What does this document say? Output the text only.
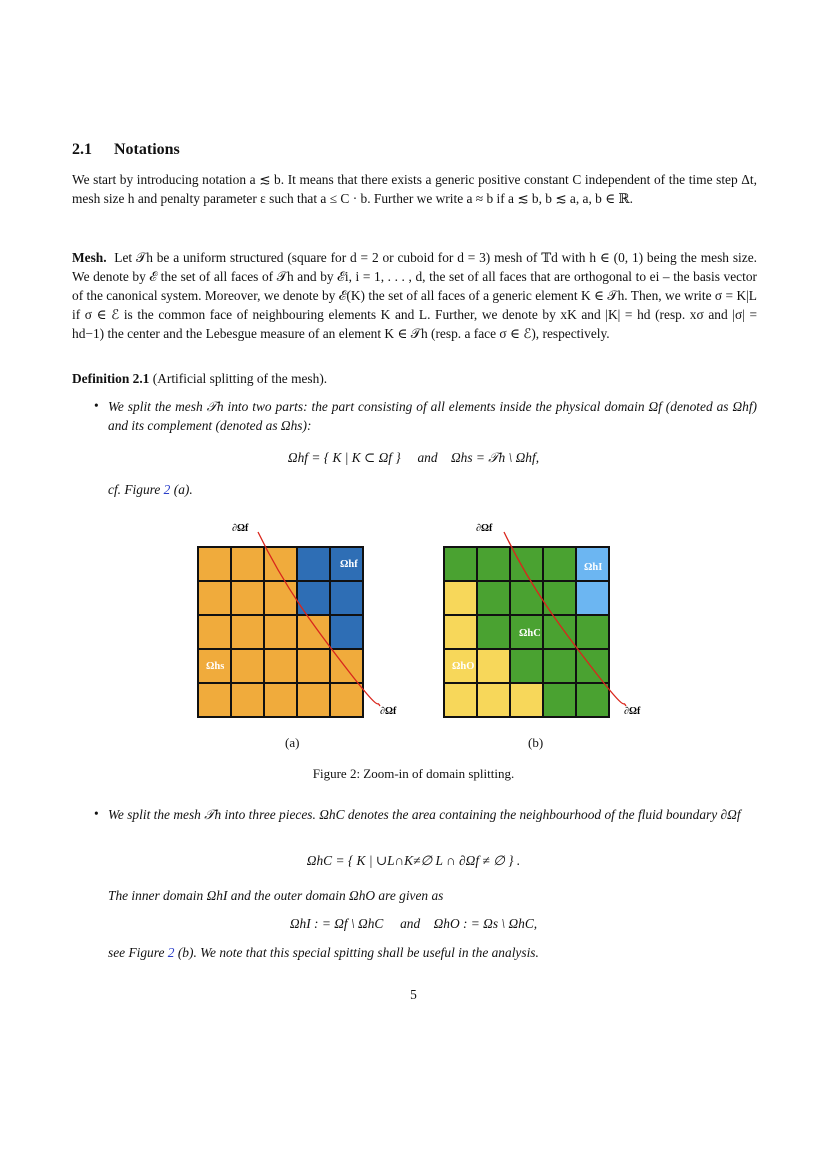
2.1 Notations

We start by introducing notation a ≲ b. It means that there exists a generic positive constant C independent of the time step Δt, mesh size h and penalty parameter ε such that a ≤ C · b. Further we write a ≈ b if a ≲ b, b ≲ a, a, b ∈ ℝ.

Mesh. Let 𝒯h be a uniform structured (square for d = 2 or cuboid for d = 3) mesh of 𝕋d with h ∈ (0, 1) being the mesh size. We denote by ℰ the set of all faces of 𝒯h and by ℰi, i = 1, . . . , d, the set of all faces that are orthogonal to ei – the basis vector of the canonical system. Moreover, we denote by ℰ(K) the set of all faces of a generic element K ∈ 𝒯h. Then, we write σ = K|L if σ ∈ ℰ is the common face of neighbouring elements K and L. Further, we denote by xK and |K| = hd (resp. xσ and |σ| = hd−1) the center and the Lebesgue measure of an element K ∈ 𝒯h (resp. a face σ ∈ ℰ), respectively.

Definition 2.1 (Artificial splitting of the mesh).
• We split the mesh 𝒯h into two parts: the part consisting of all elements inside the physical domain Ωf (denoted as Ωhf) and its complement (denoted as Ωhs):
Ωhf = { K | K ⊂ Ωf } and Ωhs = 𝒯h \ Ωhf,
cf. Figure 2 (a).
∂Ωf
∂Ωf
Ωhf
Ωhs
(a)
∂Ωf
∂Ωf
ΩhI
ΩhC
ΩhO
(b)
Figure 2: Zoom-in of domain splitting.
• We split the mesh 𝒯h into three pieces. ΩhC denotes the area containing the neighbourhood of the fluid boundary ∂Ωf
ΩhC = { K | ∪L∩K≠∅ L ∩ ∂Ωf ≠ ∅ } .
The inner domain ΩhI and the outer domain ΩhO are given as
ΩhI : = Ωf \ ΩhC and ΩhO : = Ωs \ ΩhC,
see Figure 2 (b). We note that this special spitting shall be useful in the analysis.
5
